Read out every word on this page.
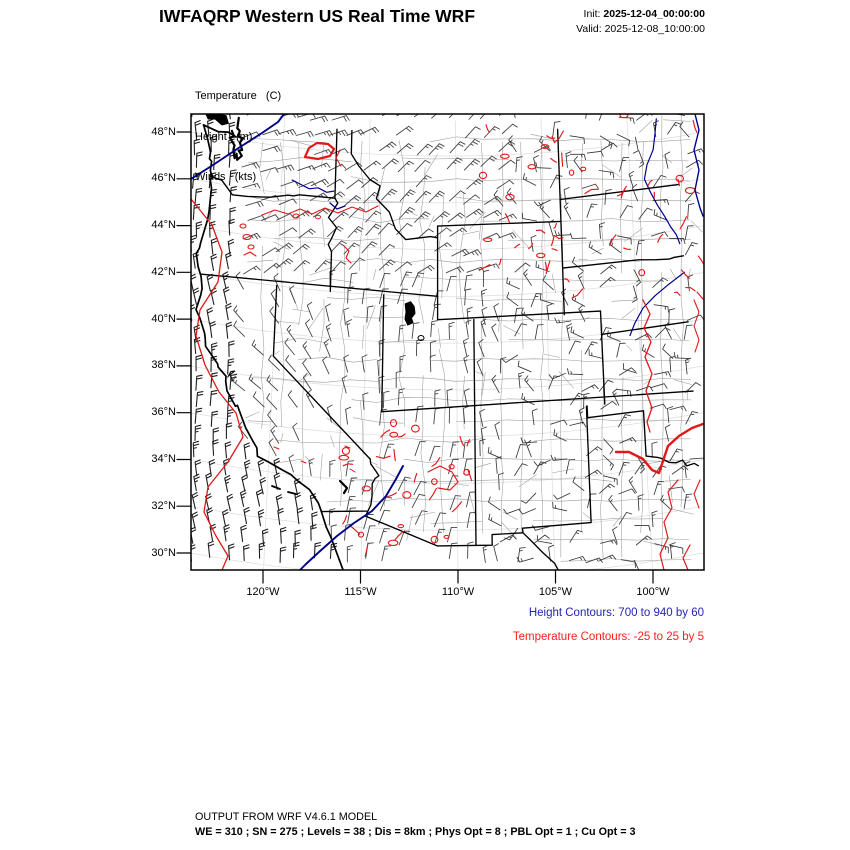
IWFAQRP Western US Real Time WRF	Init: 2025-12-04_00:00:00
Valid: 2025-12-08_10:00:00

Temperature   (C)

Height   (m)

Winds   (kts)

Height Contours: 700 to 940 by 60
Temperature Contours: -25 to 25 by 5
OUTPUT FROM WRF V4.6.1 MODEL
WE = 310 ; SN = 275 ; Levels = 38 ; Dis = 8km ; Phys Opt = 8 ; PBL Opt = 1 ; Cu Opt = 3
48°N
46°N
44°N
42°N
40°N
38°N
36°N
34°N
32°N
30°N
120°W	115°W	110°W	105°W	100°W
